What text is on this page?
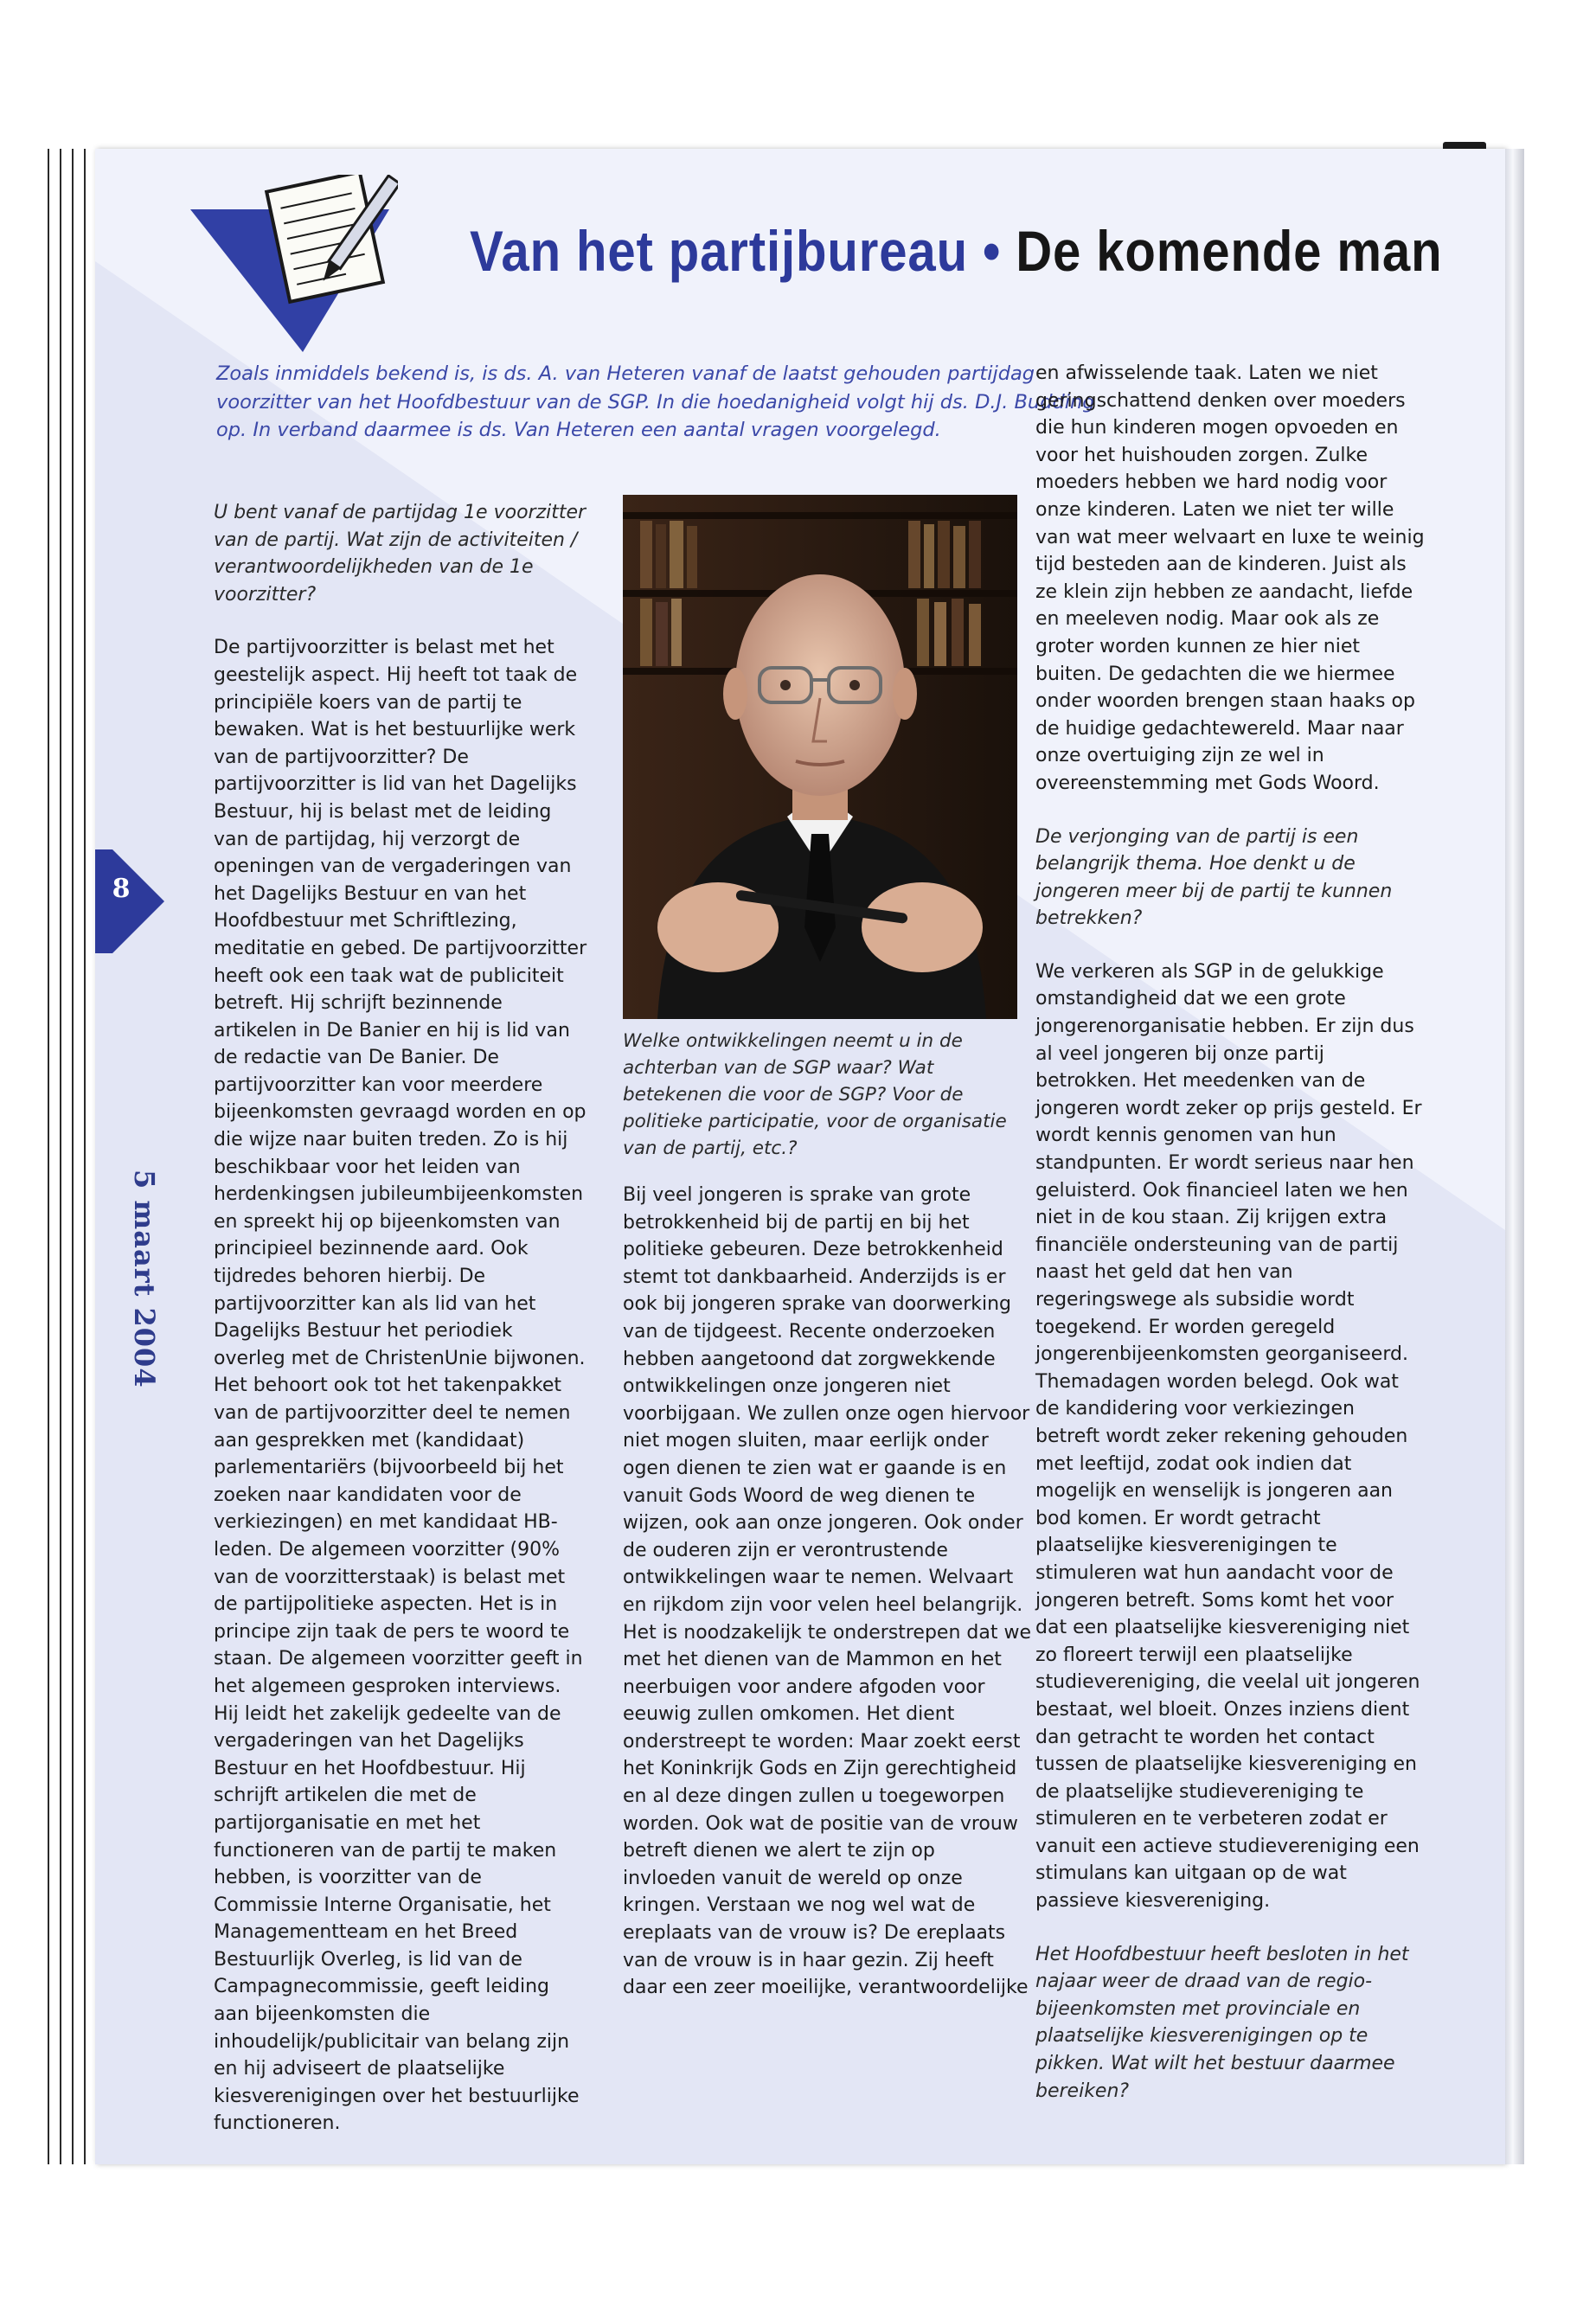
8
5 maart 2004
Van het partijbureau • De komende man

Zoals inmiddels bekend is, is ds. A. van Heteren vanaf de laatst gehouden partijdag voorzitter van het Hoofdbestuur van de SGP. In die hoedanigheid volgt hij ds. D.J. Budding op. In verband daarmee is ds. Van Heteren een aantal vragen voorgelegd.

U bent vanaf de partijdag 1e voorzitter van de partij. Wat zijn de activiteiten / verantwoordelijkheden van de 1e voorzitter?

De partijvoorzitter is belast met het geestelijk aspect. Hij heeft tot taak de principiële koers van de partij te bewaken. Wat is het bestuurlijke werk van de partijvoorzitter? De partijvoorzitter is lid van het Dagelijks Bestuur, hij is belast met de leiding van de partijdag, hij verzorgt de openingen van de vergaderingen van het Dagelijks Bestuur en van het Hoofdbestuur met Schriftlezing, meditatie en gebed. De partijvoorzitter heeft ook een taak wat de publiciteit betreft. Hij schrijft bezinnende artikelen in De Banier en hij is lid van de redactie van De Banier. De partijvoorzitter kan voor meerdere bijeenkomsten gevraagd worden en op die wijze naar buiten treden. Zo is hij beschikbaar voor het leiden van herdenkingsen jubileumbijeenkomsten en spreekt hij op bijeenkomsten van principieel bezinnende aard. Ook tijdredes behoren hierbij. De partijvoorzitter kan als lid van het Dagelijks Bestuur het periodiek overleg met de ChristenUnie bijwonen. Het behoort ook tot het takenpakket van de partijvoorzitter deel te nemen aan gesprekken met (kandidaat) parlementariërs (bijvoorbeeld bij het zoeken naar kandidaten voor de verkiezingen) en met kandidaat HB-leden. De algemeen voorzitter (90% van de voorzitterstaak) is belast met de partijpolitieke aspecten. Het is in principe zijn taak de pers te woord te staan. De algemeen voorzitter geeft in het algemeen gesproken interviews. Hij leidt het zakelijk gedeelte van de vergaderingen van het Dagelijks Bestuur en het Hoofdbestuur. Hij schrijft artikelen die met de partijorganisatie en met het functioneren van de partij te maken hebben, is voorzitter van de Commissie Interne Organisatie, het Managementteam en het Breed Bestuurlijk Overleg, is lid van de Campagnecommissie, geeft leiding aan bijeenkomsten die inhoudelijk/publicitair van belang zijn en hij adviseert de plaatselijke kiesverenigingen over het bestuurlijke functioneren.

Welke ontwikkelingen neemt u in de achterban van de SGP waar? Wat betekenen die voor de SGP? Voor de politieke participatie, voor de organisatie van de partij, etc.?

Bij veel jongeren is sprake van grote betrokkenheid bij de partij en bij het politieke gebeuren. Deze betrokkenheid stemt tot dankbaarheid. Anderzijds is er ook bij jongeren sprake van doorwerking van de tijdgeest. Recente onderzoeken hebben aangetoond dat zorgwekkende ontwikkelingen onze jongeren niet voorbijgaan. We zullen onze ogen hiervoor niet mogen sluiten, maar eerlijk onder ogen dienen te zien wat er gaande is en vanuit Gods Woord de weg dienen te wijzen, ook aan onze jongeren. Ook onder de ouderen zijn er verontrustende ontwikkelingen waar te nemen. Welvaart en rijkdom zijn voor velen heel belangrijk. Het is noodzakelijk te onderstrepen dat we met het dienen van de Mammon en het neerbuigen voor andere afgoden voor eeuwig zullen omkomen. Het dient onderstreept te worden: Maar zoekt eerst het Koninkrijk Gods en Zijn gerechtigheid en al deze dingen zullen u toegeworpen worden. Ook wat de positie van de vrouw betreft dienen we alert te zijn op invloeden vanuit de wereld op onze kringen. Verstaan we nog wel wat de ereplaats van de vrouw is? De ereplaats van de vrouw is in haar gezin. Zij heeft daar een zeer moeilijke, verantwoordelijke

en afwisselende taak. Laten we niet geringschattend denken over moeders die hun kinderen mogen opvoeden en voor het huishouden zorgen. Zulke moeders hebben we hard nodig voor onze kinderen. Laten we niet ter wille van wat meer welvaart en luxe te weinig tijd besteden aan de kinderen. Juist als ze klein zijn hebben ze aandacht, liefde en meeleven nodig. Maar ook als ze groter worden kunnen ze hier niet buiten. De gedachten die we hiermee onder woorden brengen staan haaks op de huidige gedachtewereld. Maar naar onze overtuiging zijn ze wel in overeenstemming met Gods Woord.

De verjonging van de partij is een belangrijk thema. Hoe denkt u de jongeren meer bij de partij te kunnen betrekken?

We verkeren als SGP in de gelukkige omstandigheid dat we een grote jongerenorganisatie hebben. Er zijn dus al veel jongeren bij onze partij betrokken. Het meedenken van de jongeren wordt zeker op prijs gesteld. Er wordt kennis genomen van hun standpunten. Er wordt serieus naar hen geluisterd. Ook financieel laten we hen niet in de kou staan. Zij krijgen extra financiële ondersteuning van de partij naast het geld dat hen van regeringswege als subsidie wordt toegekend. Er worden geregeld jongerenbijeenkomsten georganiseerd. Themadagen worden belegd. Ook wat de kandidering voor verkiezingen betreft wordt zeker rekening gehouden met leeftijd, zodat ook indien dat mogelijk en wenselijk is jongeren aan bod komen. Er wordt getracht plaatselijke kiesverenigingen te stimuleren wat hun aandacht voor de jongeren betreft. Soms komt het voor dat een plaatselijke kiesvereniging niet zo floreert terwijl een plaatselijke studievereniging, die veelal uit jongeren bestaat, wel bloeit. Onzes inziens dient dan getracht te worden het contact tussen de plaatselijke kiesvereniging en de plaatselijke studievereniging te stimuleren en te verbeteren zodat er vanuit een actieve studievereniging een stimulans kan uitgaan op de wat passieve kiesvereniging.

Het Hoofdbestuur heeft besloten in het najaar weer de draad van de regio-bijeenkomsten met provinciale en plaatselijke kiesverenigingen op te pikken. Wat wilt het bestuur daarmee bereiken?
